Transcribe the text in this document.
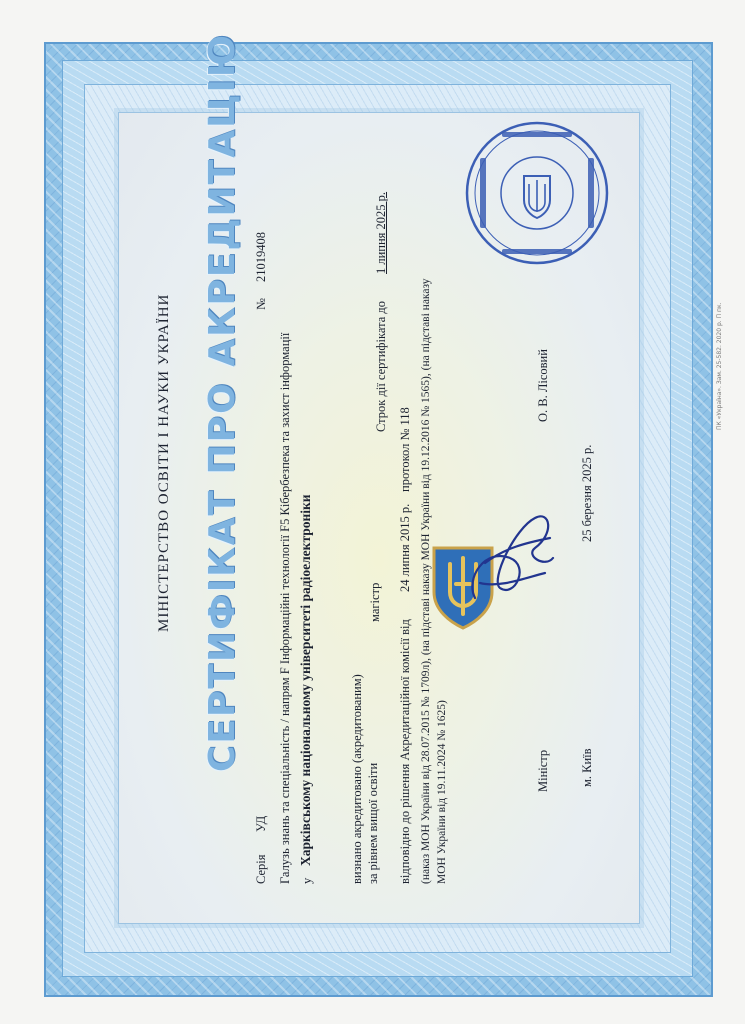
ПК «Україна». Зам. 25-582. 2020 р. П пк.
МІНІСТЕРСТВО ОСВІТИ І НАУКИ УКРАЇНИ СЕРТИФІКАТ ПРО АКРЕДИТАЦІЮ
Серія
УД
№
21019408
Галузь знань та спеціальність / напрям F Інформаційні технології F5 Кібербезпека та захист інформації у
Харківському національному університеті радіоелектроніки	визнано акредитовано (акредитованим) за рівнем вищої освіти
магістр
Строк дії сертифіката до
1 липня 2025 р.
відповідно до рішення Акредитаційної комісії від
24 липня 2015 р.
протокол № 118 (наказ МОН України від 28.07.2015 № 1709л), (на підставі наказу МОН України від 19.12.2016 № 1565), (на підставі наказу МОН України від 19.11.2024 № 1625)	Міністр
О. В. Лісовий
м. Київ
25 березня 2025 р.
